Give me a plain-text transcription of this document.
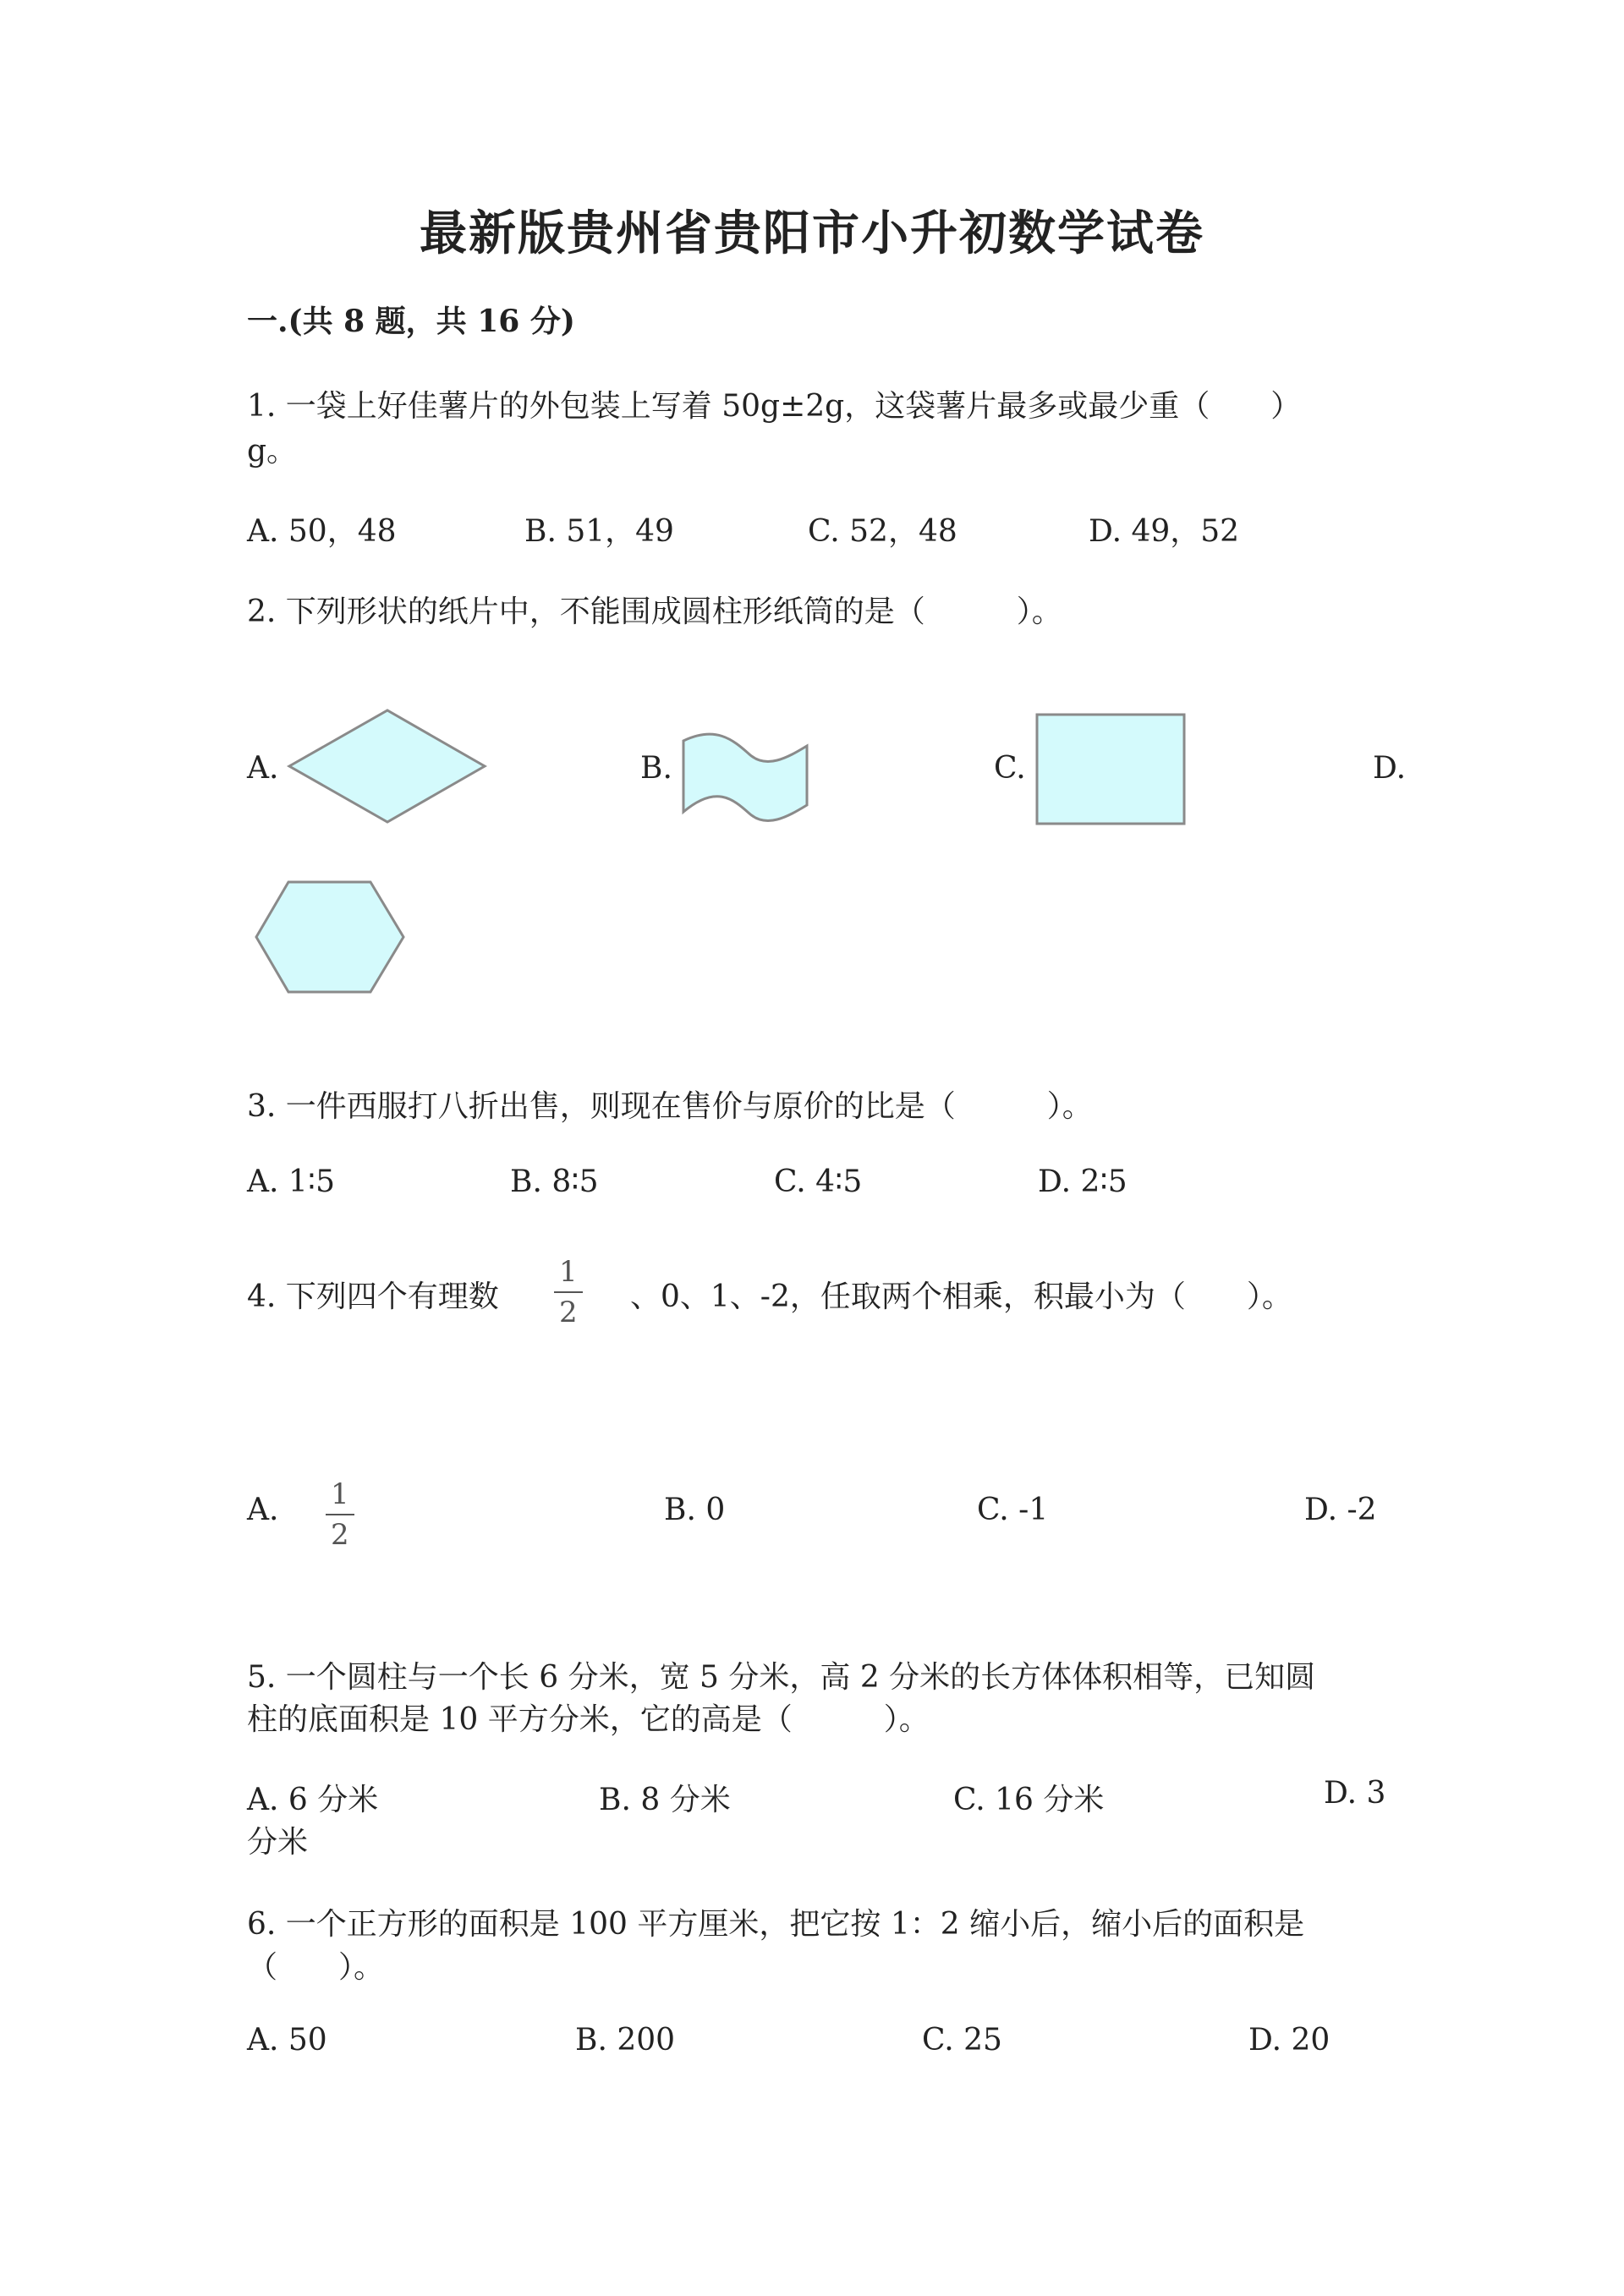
最新版贵州省贵阳市小升初数学试卷
一.(共 8 题，共 16 分)
1. 一袋上好佳薯片的外包装上写着 50g±2g，这袋薯片最多或最少重（　　）
g。
A. 50，48	B. 51，49	C. 52，48	D. 49，52
2. 下列形状的纸片中，不能围成圆柱形纸筒的是（　　　）。
A.	B.	C.	D.
3. 一件西服打八折出售，则现在售价与原价的比是（　　　）。
A. 1∶5	B. 8∶5	C. 4∶5	D. 2∶5
4. 下列四个有理数 $\frac{1}{2}$ 、0、1、-2，任取两个相乘，积最小为（　　）。
A. $\frac{1}{2}$	B. 0	C. -1	D. -2
5. 一个圆柱与一个长 6 分米，宽 5 分米，高 2 分米的长方体体积相等，已知圆
柱的底面积是 10 平方分米，它的高是（　　　）。
A. 6 分米	B. 8 分米	C. 16 分米	D. 3
分米
6. 一个正方形的面积是 100 平方厘米，把它按 1：2 缩小后，缩小后的面积是
（　　）。
A. 50	B. 200	C. 25	D. 20
